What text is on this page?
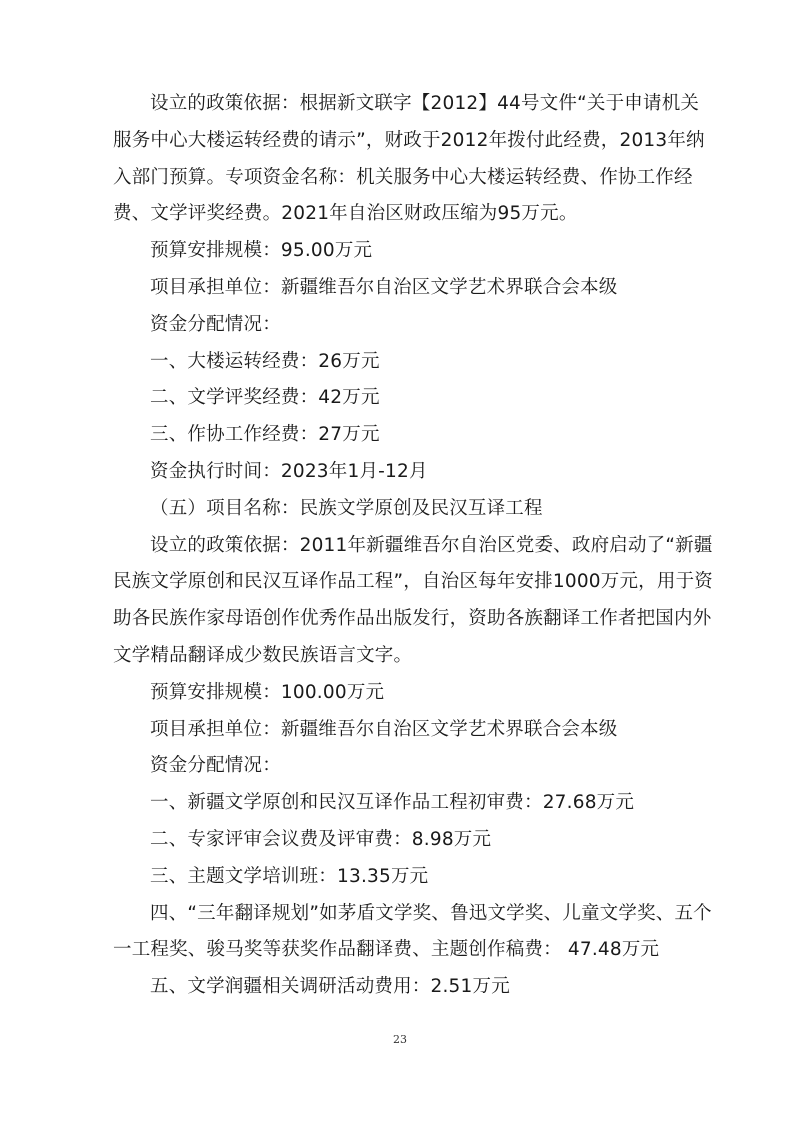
设立的政策依据：根据新文联字【2012】44号文件“关于申请机关服务中心大楼运转经费的请示”，财政于2012年拨付此经费，2013年纳入部门预算。专项资金名称：机关服务中心大楼运转经费、作协工作经费、文学评奖经费。2021年自治区财政压缩为95万元。

预算安排规模：95.00万元

项目承担单位：新疆维吾尔自治区文学艺术界联合会本级

资金分配情况：

一、大楼运转经费：26万元

二、文学评奖经费：42万元

三、作协工作经费：27万元

资金执行时间：2023年1月-12月

（五）项目名称：民族文学原创及民汉互译工程

设立的政策依据：2011年新疆维吾尔自治区党委、政府启动了“新疆民族文学原创和民汉互译作品工程”，自治区每年安排1000万元，用于资助各民族作家母语创作优秀作品出版发行，资助各族翻译工作者把国内外文学精品翻译成少数民族语言文字。

预算安排规模：100.00万元

项目承担单位：新疆维吾尔自治区文学艺术界联合会本级

资金分配情况：

一、新疆文学原创和民汉互译作品工程初审费：27.68万元

二、专家评审会议费及评审费：8.98万元

三、主题文学培训班：13.35万元

四、“三年翻译规划”如茅盾文学奖、鲁迅文学奖、儿童文学奖、五个一工程奖、骏马奖等获奖作品翻译费、主题创作稿费： 47.48万元

五、文学润疆相关调研活动费用：2.51万元

23
